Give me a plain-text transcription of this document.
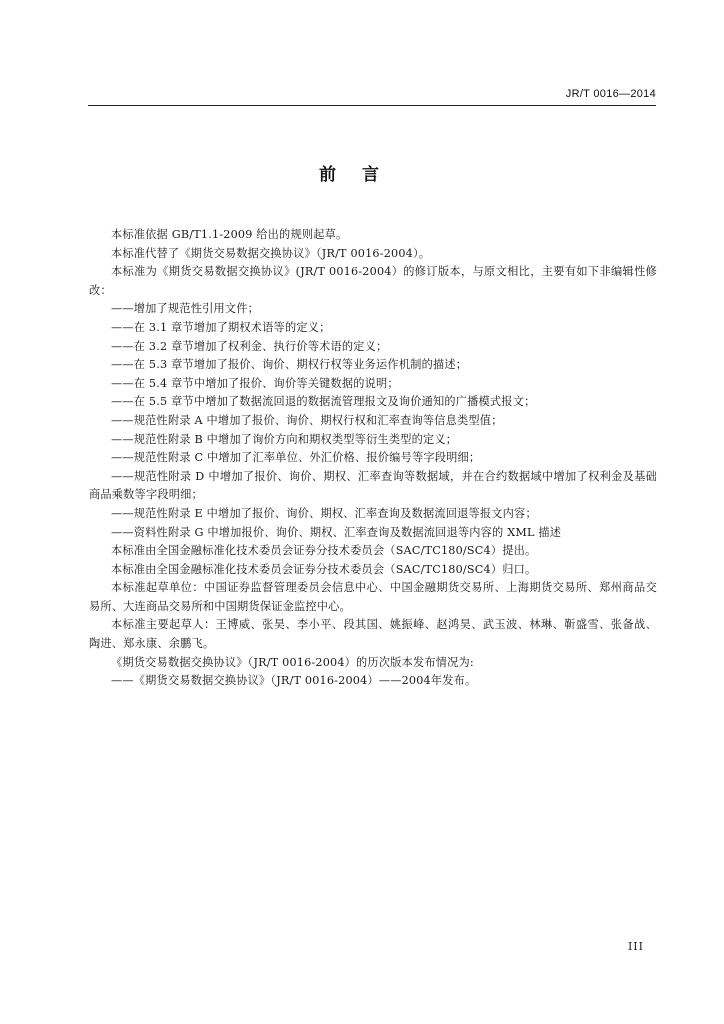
JR/T 0016—2014
前言

本标准依据 GB/T1.1-2009 给出的规则起草。

本标准代替了《期货交易数据交换协议》（JR/T 0016-2004）。

本标准为《期货交易数据交换协议》(JR/T 0016-2004）的修订版本，与原文相比，主要有如下非编辑性修改：

——增加了规范性引用文件；

——在 3.1 章节增加了期权术语等的定义；

——在 3.2 章节增加了权利金、执行价等术语的定义；

——在 5.3 章节增加了报价、询价、期权行权等业务运作机制的描述；

——在 5.4 章节中增加了报价、询价等关键数据的说明；

——在 5.5 章节中增加了数据流回退的数据流管理报文及询价通知的广播模式报文；

——规范性附录 A 中增加了报价、询价、期权行权和汇率查询等信息类型值；

——规范性附录 B 中增加了询价方向和期权类型等衍生类型的定义；

——规范性附录 C 中增加了汇率单位、外汇价格、报价编号等字段明细；

——规范性附录 D 中增加了报价、询价、期权、汇率查询等数据域，并在合约数据域中增加了权利金及基础商品乘数等字段明细；

——规范性附录 E 中增加了报价、询价、期权、汇率查询及数据流回退等报文内容；

——资料性附录 G 中增加报价、询价、期权、汇率查询及数据流回退等内容的 XML 描述

本标准由全国金融标准化技术委员会证券分技术委员会（SAC/TC180/SC4）提出。

本标准由全国金融标准化技术委员会证券分技术委员会（SAC/TC180/SC4）归口。

本标准起草单位：中国证券监督管理委员会信息中心、中国金融期货交易所、上海期货交易所、郑州商品交易所、大连商品交易所和中国期货保证金监控中心。

本标准主要起草人：王博威、张昊、李小平、段其国、姚振峰、赵鸿昊、武玉波、林琳、靳盛雪、张备战、陶进、郑永康、余鹏飞。

《期货交易数据交换协议》（JR/T 0016-2004）的历次版本发布情况为:

——《期货交易数据交换协议》（JR/T 0016-2004）——2004年发布。

III
